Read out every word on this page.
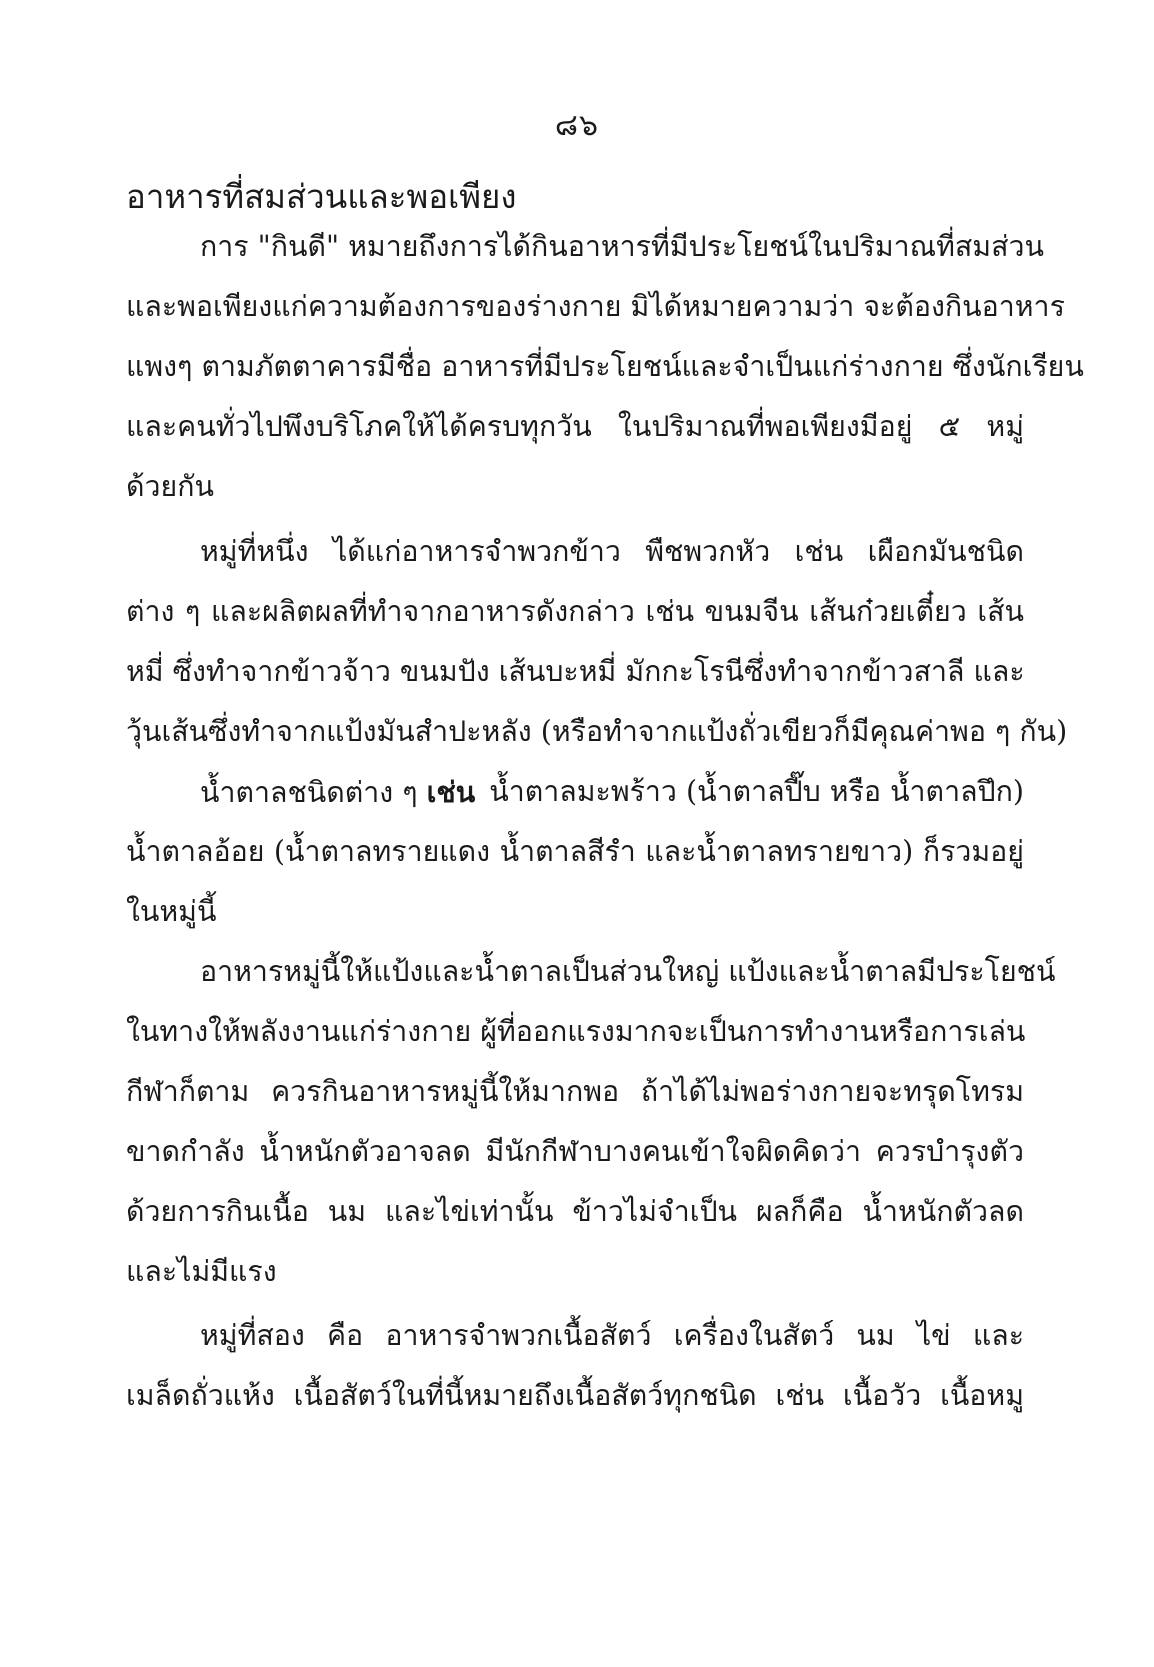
๘๖
อาหารที่สมส่วนและพอเพียง
การ "กินดี" หมายถึงการได้กินอาหารที่มีประโยชน์ในปริมาณที่สมส่วน
และพอเพียงแก่ความต้องการของร่างกาย มิได้หมายความว่า จะต้องกินอาหาร
แพงๆ ตามภัตตาคารมีชื่อ อาหารที่มีประโยชน์และจำเป็นแก่ร่างกาย ซึ่งนักเรียน
และคนทั่วไปพึงบริโภคให้ได้ครบทุกวัน ในปริมาณที่พอเพียงมีอยู่ ๕ หมู่
ด้วยกัน
หมู่ที่หนึ่ง ได้แก่อาหารจำพวกข้าว พืชพวกหัว เช่น เผือกมันชนิด
ต่าง ๆ และผลิตผลที่ทำจากอาหารดังกล่าว เช่น ขนมจีน เส้นก๋วยเตี๋ยว เส้น
หมี่ ซึ่งทำจากข้าวจ้าว ขนมปัง เส้นบะหมี่ มักกะโรนีซึ่งทำจากข้าวสาลี และ
วุ้นเส้นซึ่งทำจากแป้งมันสำปะหลัง (หรือทำจากแป้งถั่วเขียวก็มีคุณค่าพอ ๆ กัน)
น้ำตาลชนิดต่าง ๆ เช่น น้ำตาลมะพร้าว (น้ำตาลปี๊บ หรือ น้ำตาลปึก)
น้ำตาลอ้อย (น้ำตาลทรายแดง น้ำตาลสีรำ และน้ำตาลทรายขาว) ก็รวมอยู่
ในหมู่นี้
อาหารหมู่นี้ให้แป้งและน้ำตาลเป็นส่วนใหญ่ แป้งและน้ำตาลมีประโยชน์
ในทางให้พลังงานแก่ร่างกาย ผู้ที่ออกแรงมากจะเป็นการทำงานหรือการเล่น
กีฬาก็ตาม ควรกินอาหารหมู่นี้ให้มากพอ ถ้าได้ไม่พอร่างกายจะทรุดโทรม
ขาดกำลัง น้ำหนักตัวอาจลด มีนักกีฬาบางคนเข้าใจผิดคิดว่า ควรบำรุงตัว
ด้วยการกินเนื้อ นม และไข่เท่านั้น ข้าวไม่จำเป็น ผลก็คือ น้ำหนักตัวลด
และไม่มีแรง
หมู่ที่สอง คือ อาหารจำพวกเนื้อสัตว์ เครื่องในสัตว์ นม ไข่ และ
เมล็ดถั่วแห้ง เนื้อสัตว์ในที่นี้หมายถึงเนื้อสัตว์ทุกชนิด เช่น เนื้อวัว เนื้อหมู
